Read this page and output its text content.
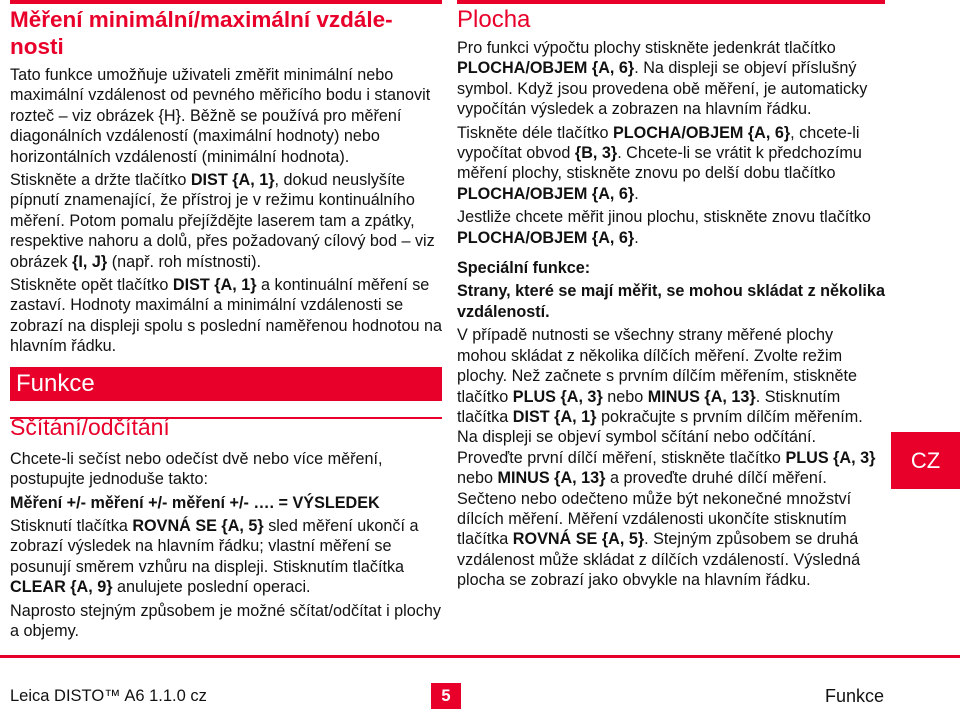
Měření minimální/maximální vzdále-
nosti

Tato funkce umožňuje uživateli změřit minimální nebo maximální vzdálenost od pevného měřicího bodu i stanovit rozteč – viz obrázek {H}. Běžně se používá pro měření diagonálních vzdáleností (maximální hodnoty) nebo horizontálních vzdáleností (minimální hodnota).

Stiskněte a držte tlačítko DIST {A, 1}, dokud neuslyšíte pípnutí znamenající, že přístroj je v režimu kontinuálního měření. Potom pomalu přejíždějte laserem tam a zpátky, respektive nahoru a dolů, přes požadovaný cílový bod – viz obrázek {I, J} (např. roh místnosti).

Stiskněte opět tlačítko DIST {A, 1} a kontinuální měření se zastaví. Hodnoty maximální a minimální vzdálenosti se zobrazí na displeji spolu s poslední naměřenou hodnotou na hlavním řádku.

Funkce
Sčítání/odčítání

Chcete-li sečíst nebo odečíst dvě nebo více měření, postupujte jednoduše takto:

Měření +/- měření +/- měření +/- …. = VÝSLEDEK

Stisknutí tlačítka ROVNÁ SE {A, 5} sled měření ukončí a zobrazí výsledek na hlavním řádku; vlastní měření se posunují směrem vzhůru na displeji. Stisknutím tlačítka CLEAR {A, 9} anulujete poslední operaci.

Naprosto stejným způsobem je možné sčítat/odčítat i plochy a objemy.

Plocha

Pro funkci výpočtu plochy stiskněte jedenkrát tlačítko PLOCHA/OBJEM {A, 6}. Na displeji se objeví příslušný symbol. Když jsou provedena obě měření, je automaticky vypočítán výsledek a zobrazen na hlavním řádku.

Tiskněte déle tlačítko PLOCHA/OBJEM {A, 6}, chcete-li vypočítat obvod {B, 3}. Chcete-li se vrátit k předchozímu měření plochy, stiskněte znovu po delší dobu tlačítko PLOCHA/OBJEM {A, 6}.

Jestliže chcete měřit jinou plochu, stiskněte znovu tlačítko PLOCHA/OBJEM {A, 6}.

Speciální funkce:

Strany, které se mají měřit, se mohou skládat z několika vzdáleností.

V případě nutnosti se všechny strany měřené plochy mohou skládat z několika dílčích měření. Zvolte režim plochy. Než začnete s prvním dílčím měřením, stiskněte tlačítko PLUS {A, 3} nebo MINUS {A, 13}. Stisknutím tlačítka DIST {A, 1} pokračujte s prvním dílčím měřením. Na displeji se objeví symbol sčítání nebo odčítání. Proveďte první dílčí měření, stiskněte tlačítko PLUS {A, 3} nebo MINUS {A, 13} a proveďte druhé dílčí měření. Sečteno nebo odečteno může být nekonečné množství dílcích měření. Měření vzdálenosti ukončíte stisknutím tlačítka ROVNÁ SE {A, 5}. Stejným způsobem se druhá vzdálenost může skládat z dílčích vzdáleností. Výsledná plocha se zobrazí jako obvykle na hlavním řádku.

CZ
Leica DISTO™ A6 1.1.0 cz	5	Funkce
